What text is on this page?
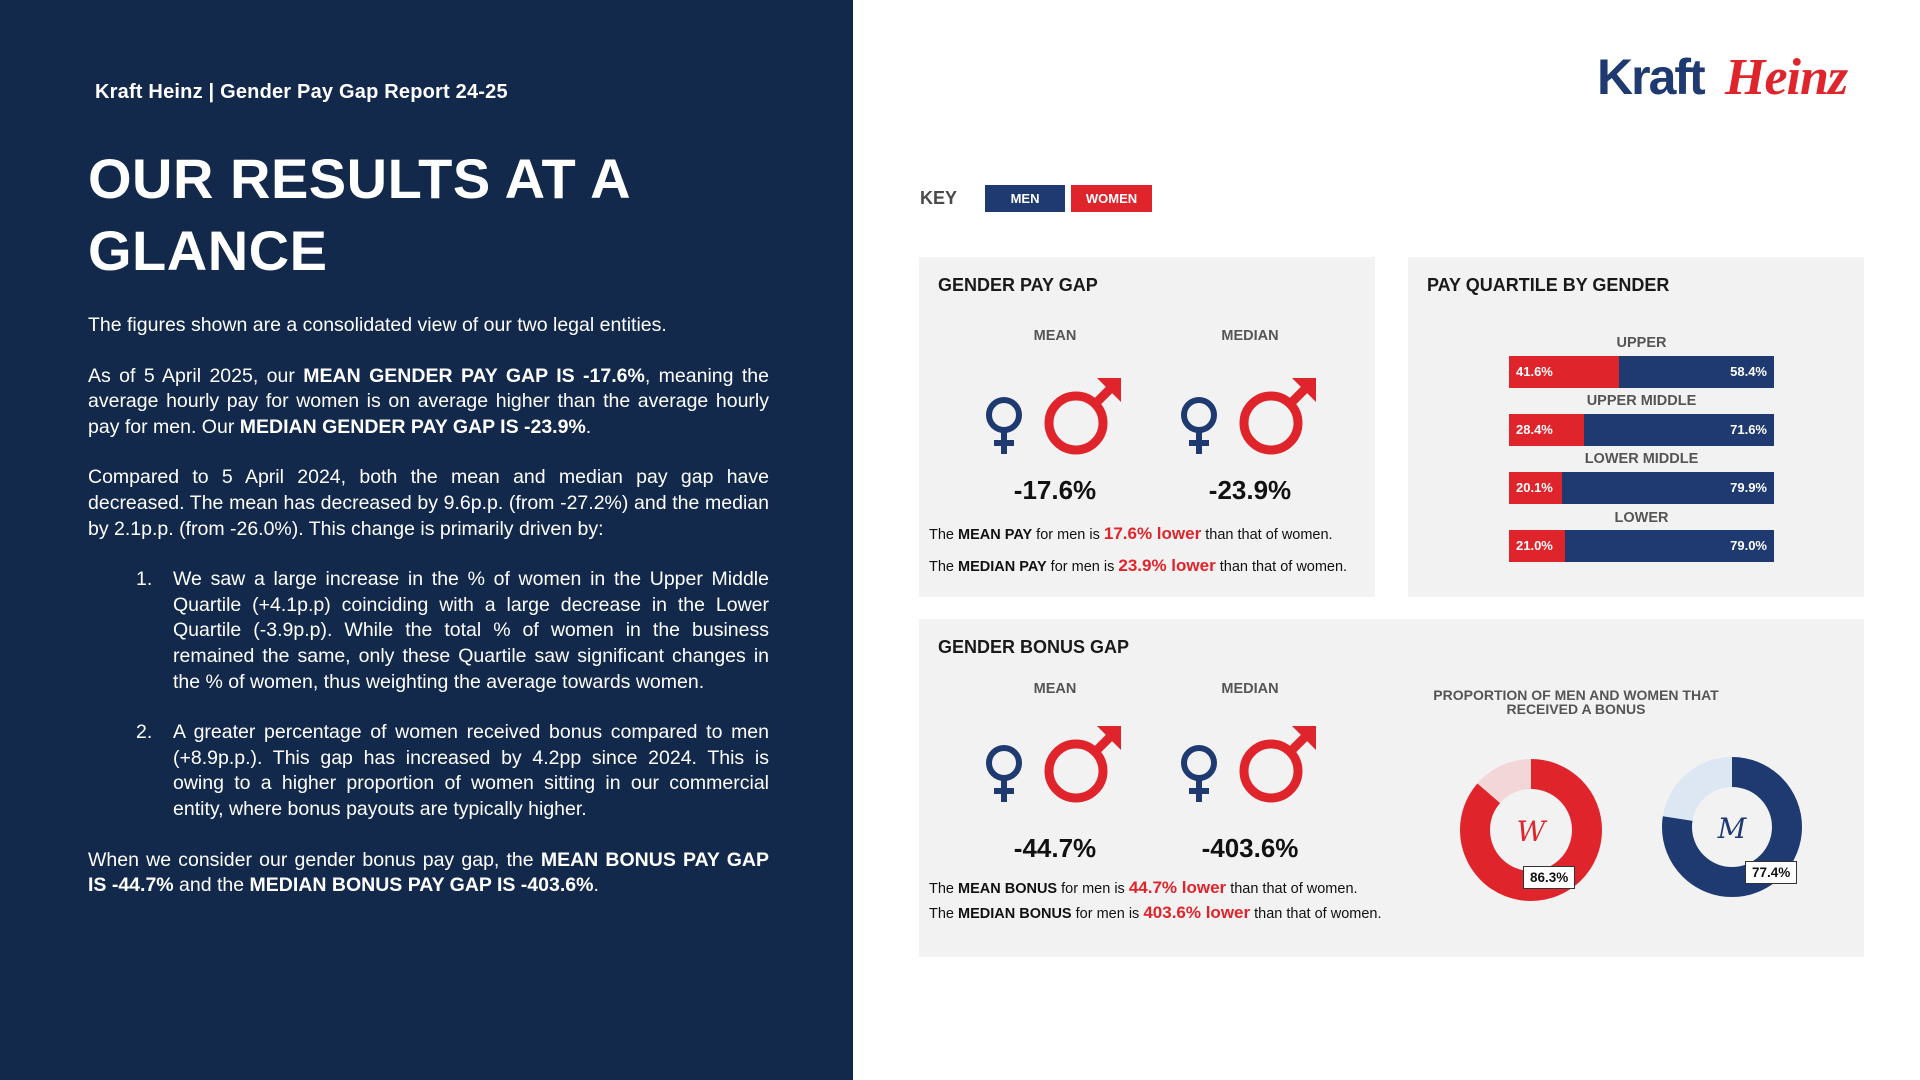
Kraft Heinz | Gender Pay Gap Report 24-25
OUR RESULTS AT A GLANCE

The figures shown are a consolidated view of our two legal entities.

As of 5 April 2025, our MEAN GENDER PAY GAP IS -17.6%, meaning the average hourly pay for women is on average higher than the average hourly pay for men. Our MEDIAN GENDER PAY GAP IS -23.9%.

Compared to 5 April 2024, both the mean and median pay gap have decreased. The mean has decreased by 9.6p.p. (from -27.2%) and the median by 2.1p.p. (from -26.0%). This change is primarily driven by:

1. We saw a large increase in the % of women in the Upper Middle Quartile (+4.1p.p) coinciding with a large decrease in the Lower Quartile (-3.9p.p). While the total % of women in the business remained the same, only these Quartile saw significant changes in the % of women, thus weighting the average towards women.
2. A greater percentage of women received bonus compared to men (+8.9p.p.). This gap has increased by 4.2pp since 2024. This is owing to a higher proportion of women sitting in our commercial entity, where bonus payouts are typically higher.

When we consider our gender bonus pay gap, the MEAN BONUS PAY GAP IS -44.7% and the MEDIAN BONUS PAY GAP IS -403.6%.

Kraft Heinz
KEY	MEN	WOMEN
GENDER PAY GAP
MEAN	MEDIAN
-17.6%	-23.9%
The MEAN PAY for men is 17.6% lower than that of women.
The MEDIAN PAY for men is 23.9% lower than that of women.
PAY QUARTILE BY GENDER
UPPER
41.6%	58.4%
UPPER MIDDLE
28.4%	71.6%
LOWER MIDDLE
20.1%	79.9%
LOWER
21.0%	79.0%
GENDER BONUS GAP
MEAN	MEDIAN
-44.7%	-403.6%
The MEAN BONUS for men is 44.7% lower than that of women.
The MEDIAN BONUS for men is 403.6% lower than that of women.
PROPORTION OF MEN AND WOMEN THAT RECEIVED A BONUS
W
86.3%
M
77.4%
